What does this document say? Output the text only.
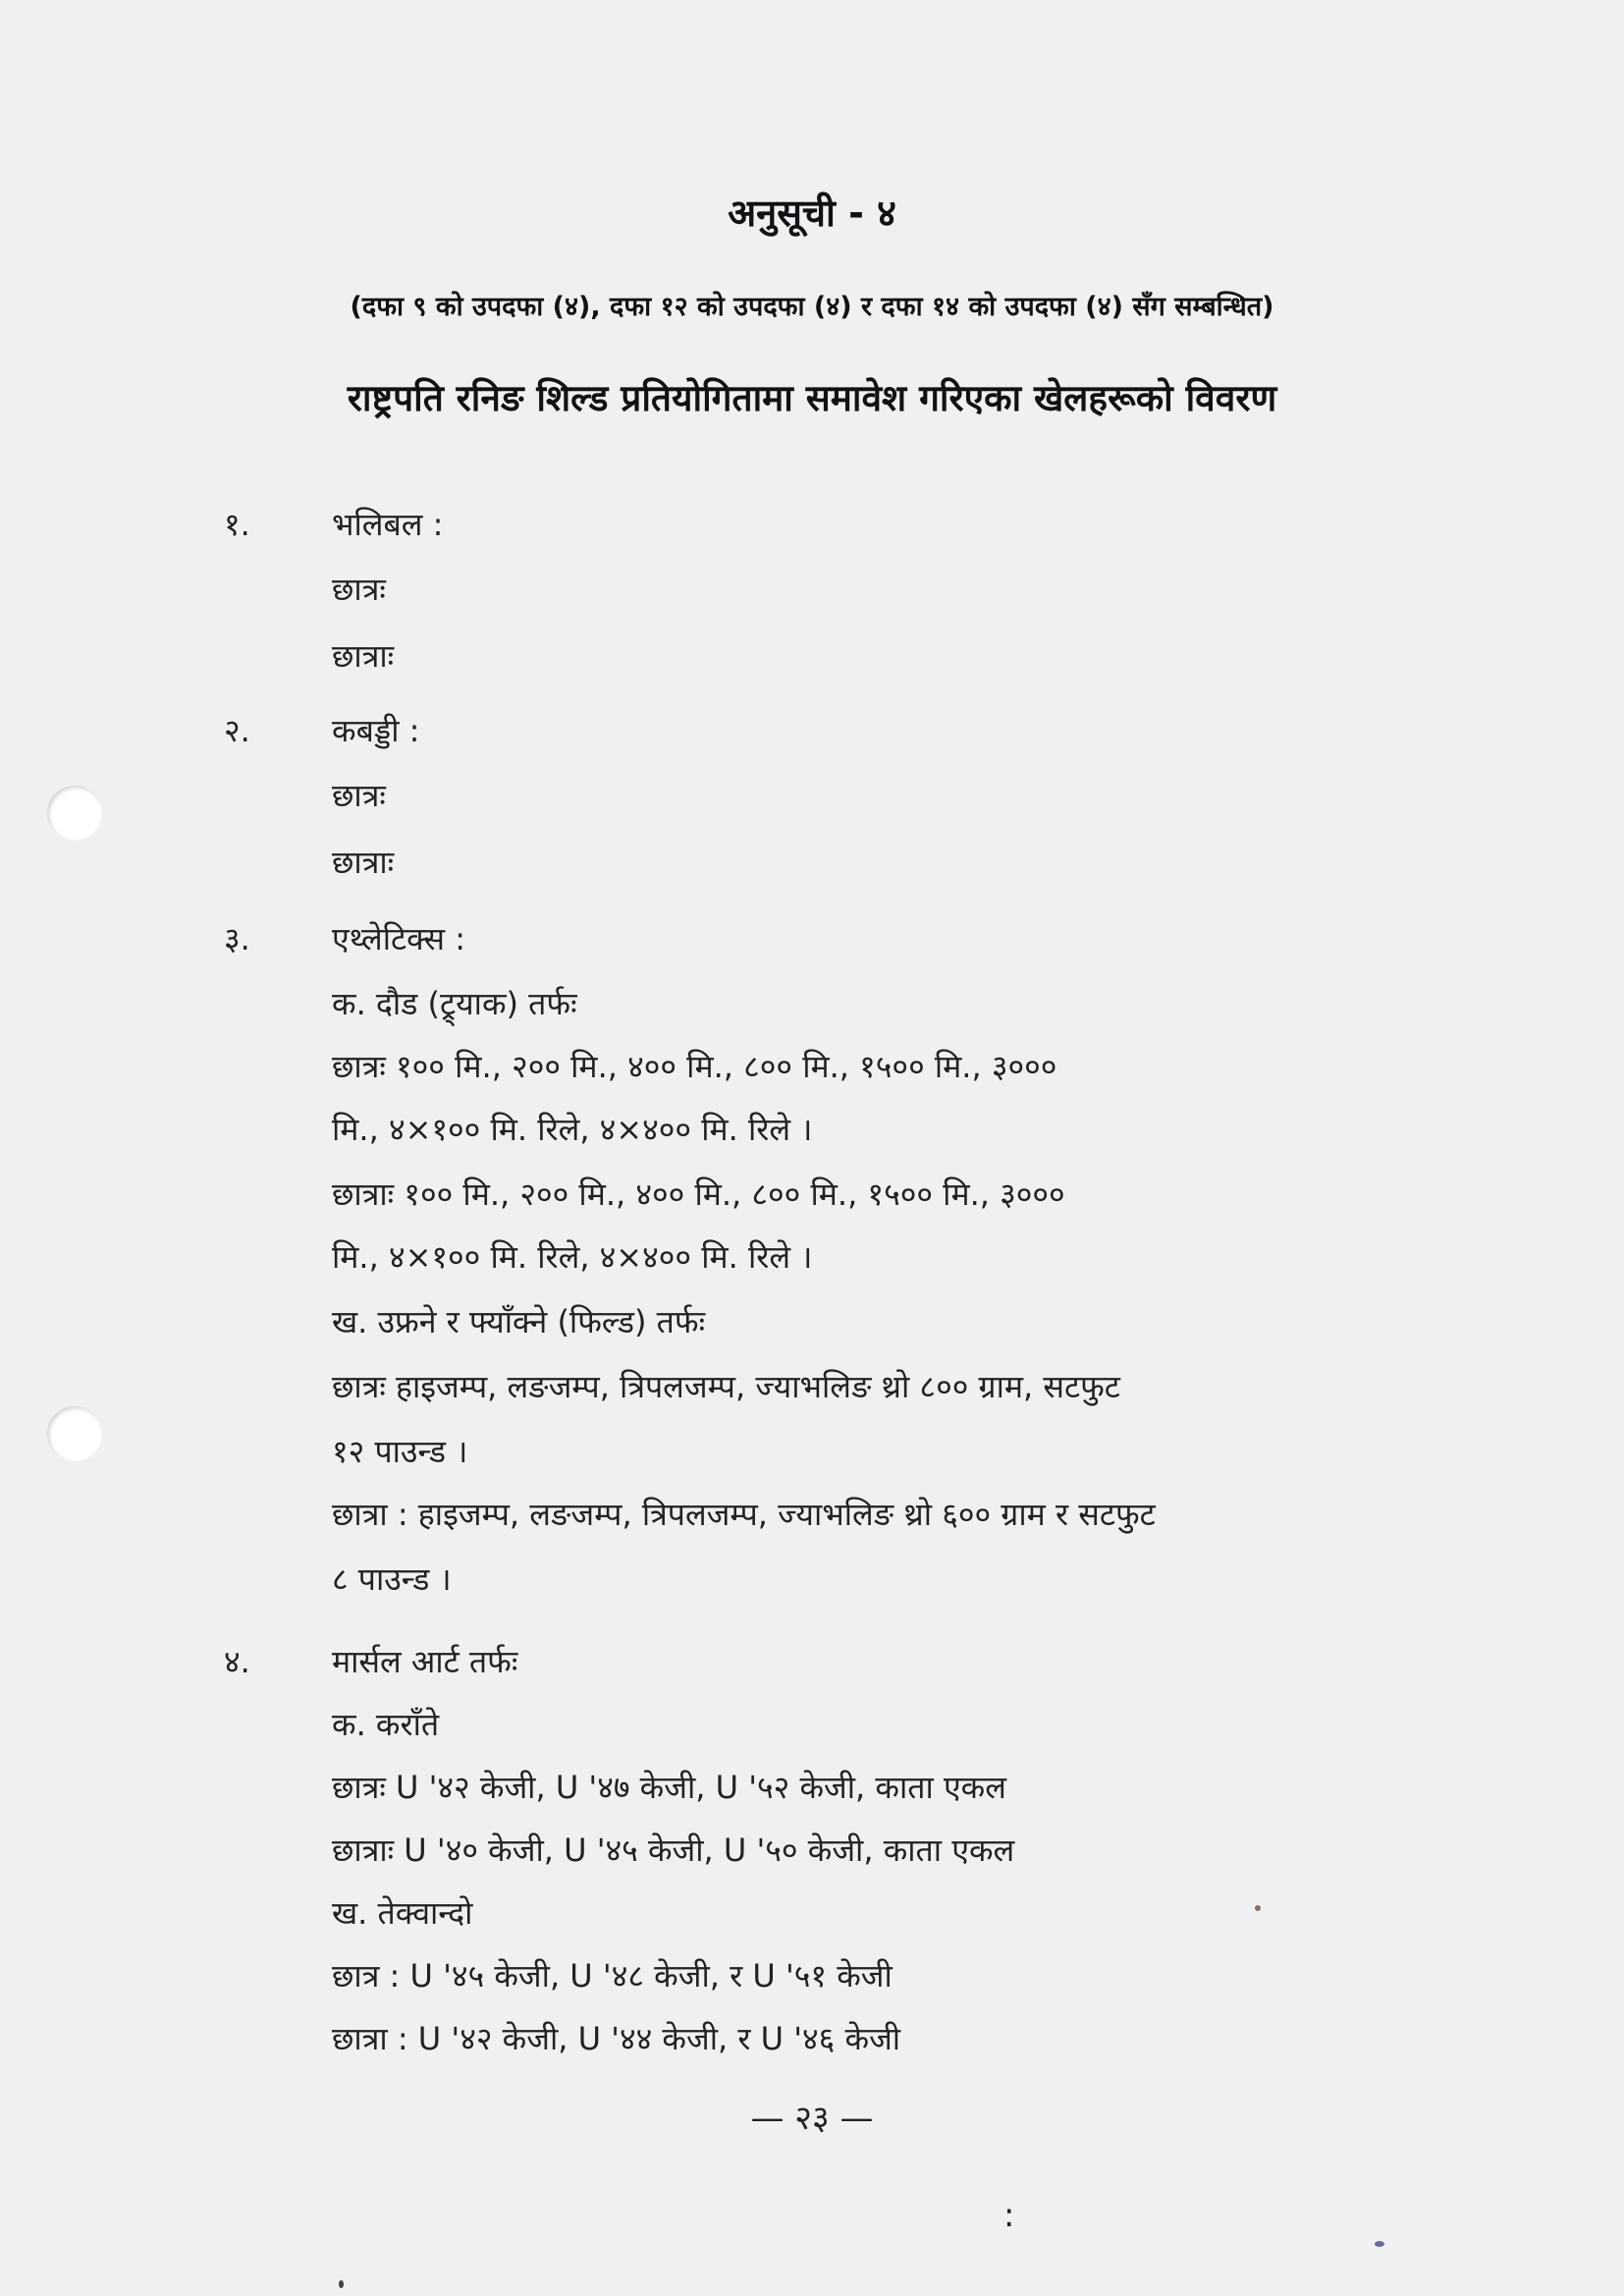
अनुसूची - ४
(दफा ९ को उपदफा (४), दफा १२ को उपदफा (४) र दफा १४ को उपदफा (४) सँग सम्बन्धित)
राष्ट्रपति रनिङ शिल्ड प्रतियोगितामा समावेश गरिएका खेलहरूको विवरण
१.	भलिबल :
छात्रः
छात्राः
२.	कबड्डी :
छात्रः
छात्राः
३.	एथ्लेटिक्स :
क. दौड (ट्र्याक) तर्फः
छात्रः १०० मि., २०० मि., ४०० मि., ८०० मि., १५०० मि., ३०००
मि., ४×१०० मि. रिले, ४×४०० मि. रिले ।
छात्राः १०० मि., २०० मि., ४०० मि., ८०० मि., १५०० मि., ३०००
मि., ४×१०० मि. रिले, ४×४०० मि. रिले ।
ख. उफ्रने र फ्याँक्ने (फिल्ड) तर्फः
छात्रः हाइजम्प, लङजम्प, त्रिपलजम्प, ज्याभलिङ थ्रो ८०० ग्राम, सटफुट
१२ पाउन्ड ।
छात्रा : हाइजम्प, लङजम्प, त्रिपलजम्प, ज्याभलिङ थ्रो ६०० ग्राम र सटफुट
८ पाउन्ड ।
४.	मार्सल आर्ट तर्फः
क. कराँते
छात्रः U '४२ केजी, U '४७ केजी, U '५२ केजी, काता एकल
छात्राः U '४० केजी, U '४५ केजी, U '५० केजी, काता एकल
ख. तेक्वान्दो
छात्र : U '४५ केजी, U '४८ केजी, र U '५१ केजी
छात्रा : U '४२ केजी, U '४४ केजी, र U '४६ केजी
— २३ —
:
